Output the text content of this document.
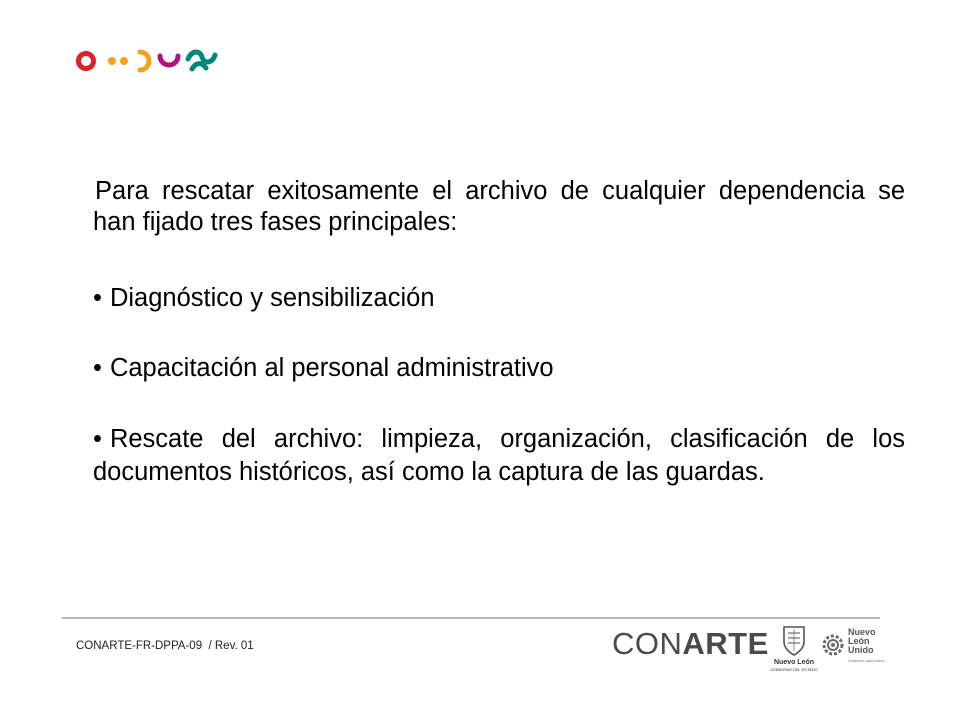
Para rescatar exitosamente el archivo de cualquier dependencia se han fijado tres fases principales:
• Diagnóstico y sensibilización
• Capacitación al personal administrativo
• Rescate del archivo: limpieza, organización, clasificación de los documentos históricos, así como la captura de las guardas.
CONARTE-FR-DPPA-09  / Rev. 01	CONARTE
Nuevo León
GOBIERNO DEL ESTADO
Nuevo
León
Unido
Gobierno para todos
